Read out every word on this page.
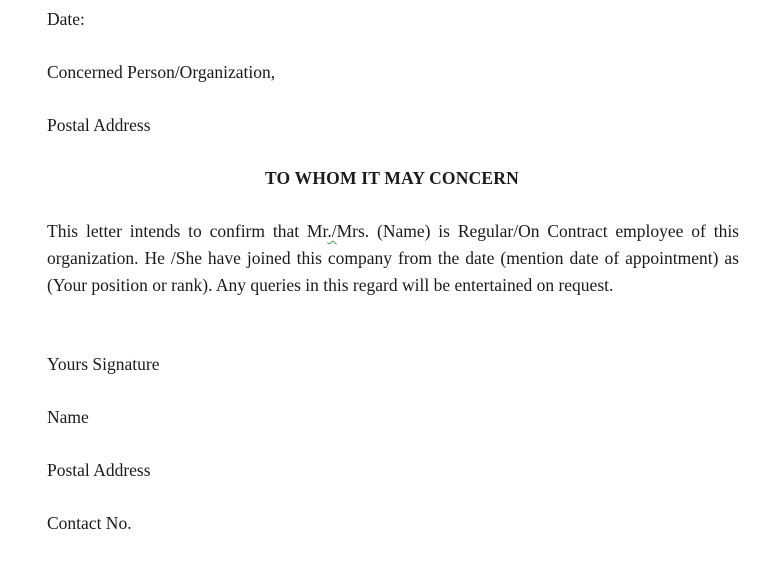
Date:
Concerned Person/Organization,
Postal Address
TO WHOM IT MAY CONCERN
This letter intends to confirm that Mr./Mrs. (Name) is Regular/On Contract employee of this organization. He /She have joined this company from the date (mention date of appointment) as (Your position or rank). Any queries in this regard will be entertained on request.
Yours Signature
Name
Postal Address
Contact No.
